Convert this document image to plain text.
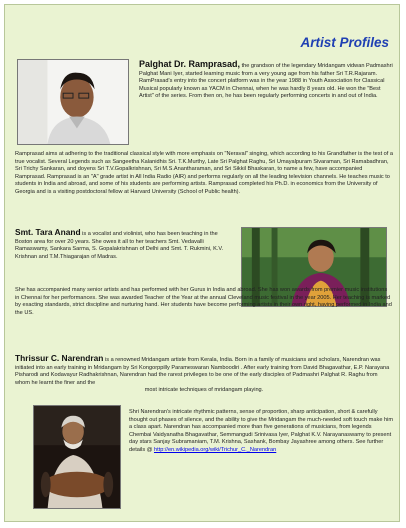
Artist Profiles
Palghat Dr. Ramprasad, the grandson of the legendary Mridangam vidwan Padmashri Palghat Mani Iyer, started learning music from a very young age from his father Sri T.R.Rajaram. RamPrasad's entry into the concert platform was in the year 1988 in Youth Association for Classical Musical popularly known as YACM in Chennai, when he was hardly 8 years old. He won the "Best Artist" of the series. From then on, he has been regularly performing concerts in and out of India.
Ramprasad aims at adhering to the traditional classical style with more emphasis on "Neraval" singing, which according to his Grandfather is the test of a true vocalist. Several Legends such as Sangeetha Kalanidhis Sri. T.K.Murthy, Late Sri Palghat Raghu, Sri Umayalpuram Sivaraman, Sri Ramabadhran, Sri Trichy Sankaran, and doyens Sri T.V.Gopalkrishnan, Sri M.S.Anantharaman, and Sri Sikkil Bhaskaran, to name a few, have accompanied Ramprasad. Ramprasad is an "A" grade artist in All India Radio (AIR) and performs regularly on all the leading television channels. He teaches music to students in India and abroad, and some of his students are performing artists. Ramprasad completed his Ph.D. in economics from the University of Georgia and is a visiting postdoctoral fellow at Harvard University (School of Public health).
Smt. Tara Anand is a vocalist and violinist, who has been teaching in the Boston area for over 20 years. She owes it all to her teachers Smt. Vedavalli Ramaswamy, Sankara Sarma, S. Gopalakrishnan of Delhi and Smt. T. Rukmini, K.V. Krishnan and T.M.Thiagarajan of Madras.
She has accompanied many senior artists and has performed with her Gurus in India and abroad. She has won awards from premier music institutions in Chennai for her performances. She was awarded Teacher of the Year at the annual Cleveland music festival in the year 2005. Her teaching is marked by exacting standards, strict discipline and nurturing hand. Her students have become performing artists in their own right, having performed in India and the US.
Thrissur C. Narendran is a renowned Mridangam artiste from Kerala, India. Born in a family of musicians and scholars, Narendran was initiated into an early training in Mridangam by Sri Kongorppilly Parameswaran Namboodiri . After early training from David Bhagavathar, E.P. Narayana Pisharodi and Kodavayur Radhakrishnan, Narendran had the rarest privileges to be one of the early disciples of Padmashri Palghat R. Raghu from whom he learnt the finer and the
most intricate techniques of mridangam playing.
Shri Narendran's intricate rhythmic patterns, sense of proportion, sharp anticipation, short & carefully thought out phases of silence, and the ability to give the Mridangam the much-needed soft touch make him a class apart. Narendran has accompanied more than five generations of musicians, from legends Chembai Vaidyanatha Bhagavathar, Semmangudi Srinivasa Iyer, Palghat K.V. Narayanaswamy to present day stars Sanjay Subramaniam, T.M. Krishna, Sashank, Bombay Jayashree among others. See further details @ http://en.wikipedia.org/wiki/Trichur_C._Narendran
